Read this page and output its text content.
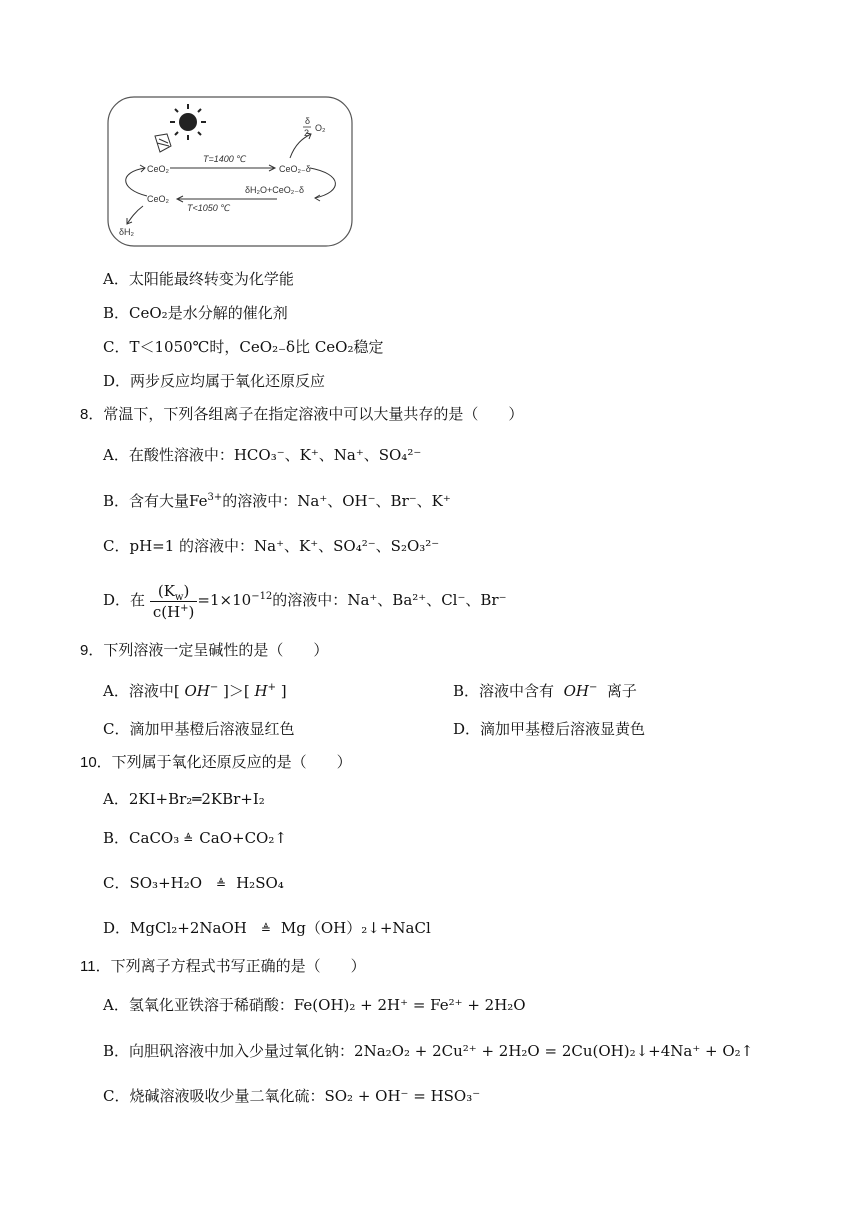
CeO₂
CeO₂
T=1400 ℃
CeO₂₋δ
T<1050 ℃
δH₂O+CeO₂₋δ
δ
2 O₂
δH₂
A．太阳能最终转变为化学能
B．CeO₂是水分解的催化剂
C．T＜1050℃时，CeO₂₋δ比 CeO₂稳定
D．两步反应均属于氧化还原反应
8．常温下，下列各组离子在指定溶液中可以大量共存的是（　　）
A．在酸性溶液中：HCO₃⁻、K⁺、Na⁺、SO₄²⁻
B．含有大量$Fe^{3+}$的溶液中：Na⁺、OH⁻、Br⁻、K⁺
C．pH=1 的溶液中：Na⁺、K⁺、SO₄²⁻、S₂O₃²⁻
D．在 $\frac{(K_w)}{c(H^+)} =1\times 10^{-12}$的溶液中：Na⁺、Ba²⁺、Cl⁻、Br⁻
9．下列溶液一定呈碱性的是（　　）
A．溶液中[ OH− ]＞[ H+ ]	B．溶液中含有 OH− 离子
C．滴加甲基橙后溶液显红色	D．滴加甲基橙后溶液显黄色
10．下列属于氧化还原反应的是（　　）
A．2KI+Br₂═2KBr+I₂
B．CaCO₃ ≜ CaO+CO₂↑
C．SO₃+H₂O ≜ H₂SO₄
D．MgCl₂+2NaOH ≜ Mg（OH）₂↓+NaCl
11．下列离子方程式书写正确的是（　　）
A．氢氧化亚铁溶于稀硝酸：Fe(OH)₂ + 2H⁺ = Fe²⁺ + 2H₂O
B．向胆矾溶液中加入少量过氧化钠：2Na₂O₂ + 2Cu²⁺ + 2H₂O = 2Cu(OH)₂↓+4Na⁺ + O₂↑
C．烧碱溶液吸收少量二氧化硫：SO₂ + OH⁻ = HSO₃⁻
